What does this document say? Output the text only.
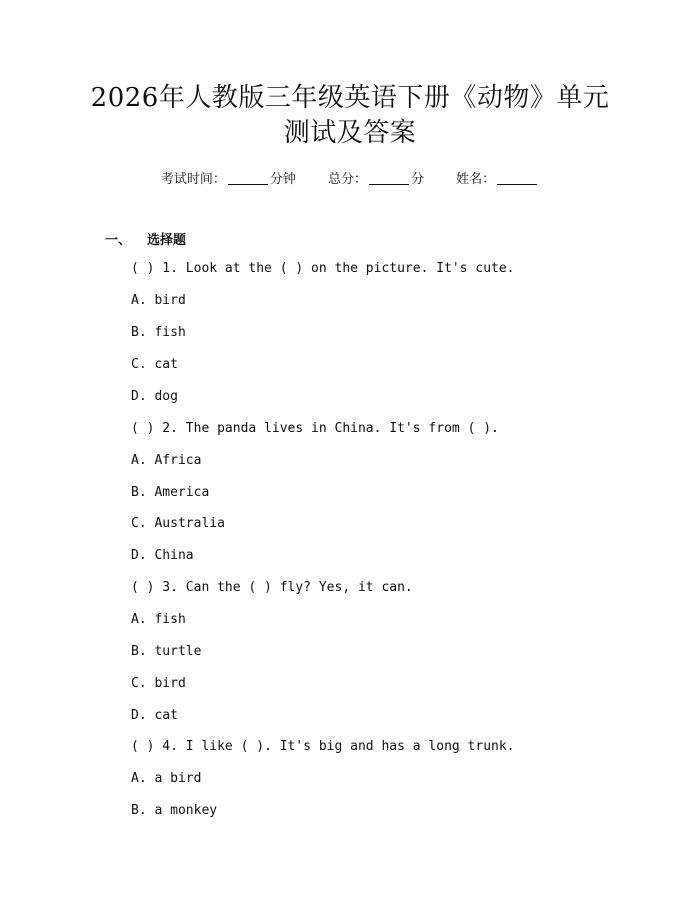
2026年人教版三年级英语下册《动物》单元
测试及答案
考试时间：	分钟 总分：	分 姓名：
一、 选择题
( ) 1. Look at the ( ) on the picture. It's cute.
A. bird
B. fish
C. cat
D. dog
( ) 2. The panda lives in China. It's from ( ).
A. Africa
B. America
C. Australia
D. China
( ) 3. Can the ( ) fly? Yes, it can.
A. fish
B. turtle
C. bird
D. cat
( ) 4. I like ( ). It's big and has a long trunk.
A. a bird
B. a monkey
